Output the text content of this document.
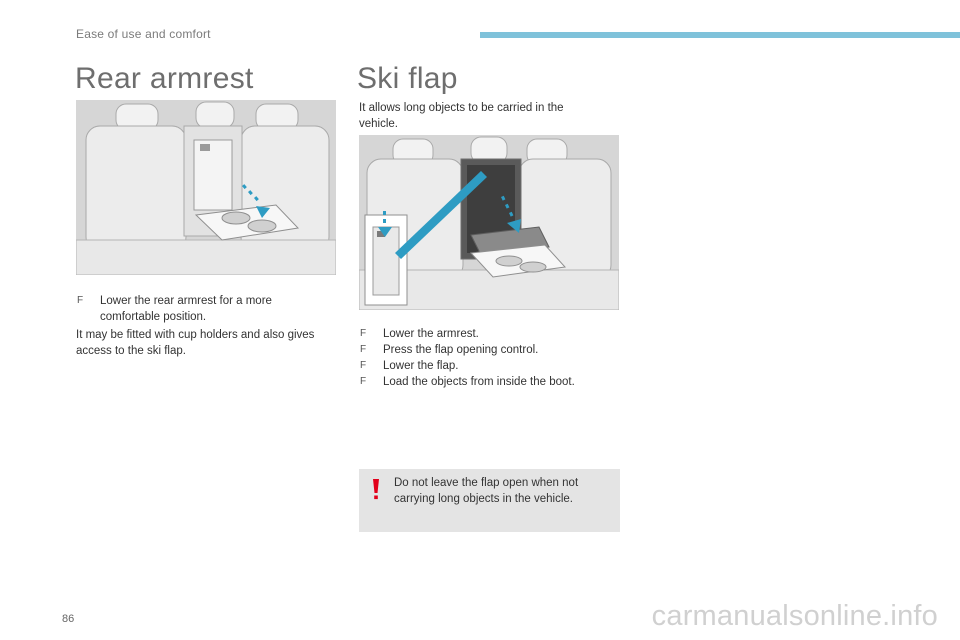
Ease of use and comfort
Rear armrest	Ski flap
F Lower the rear armrest for a more comfortable position.
It may be fitted with cup holders and also gives access to the ski flap.
It allows long objects to be carried in the vehicle.
F Lower the armrest.
F Press the flap opening control.
F Lower the flap.
F Load the objects from inside the boot.
Do not leave the flap open when not carrying long objects in the vehicle.
86	carmanualsonline.info
